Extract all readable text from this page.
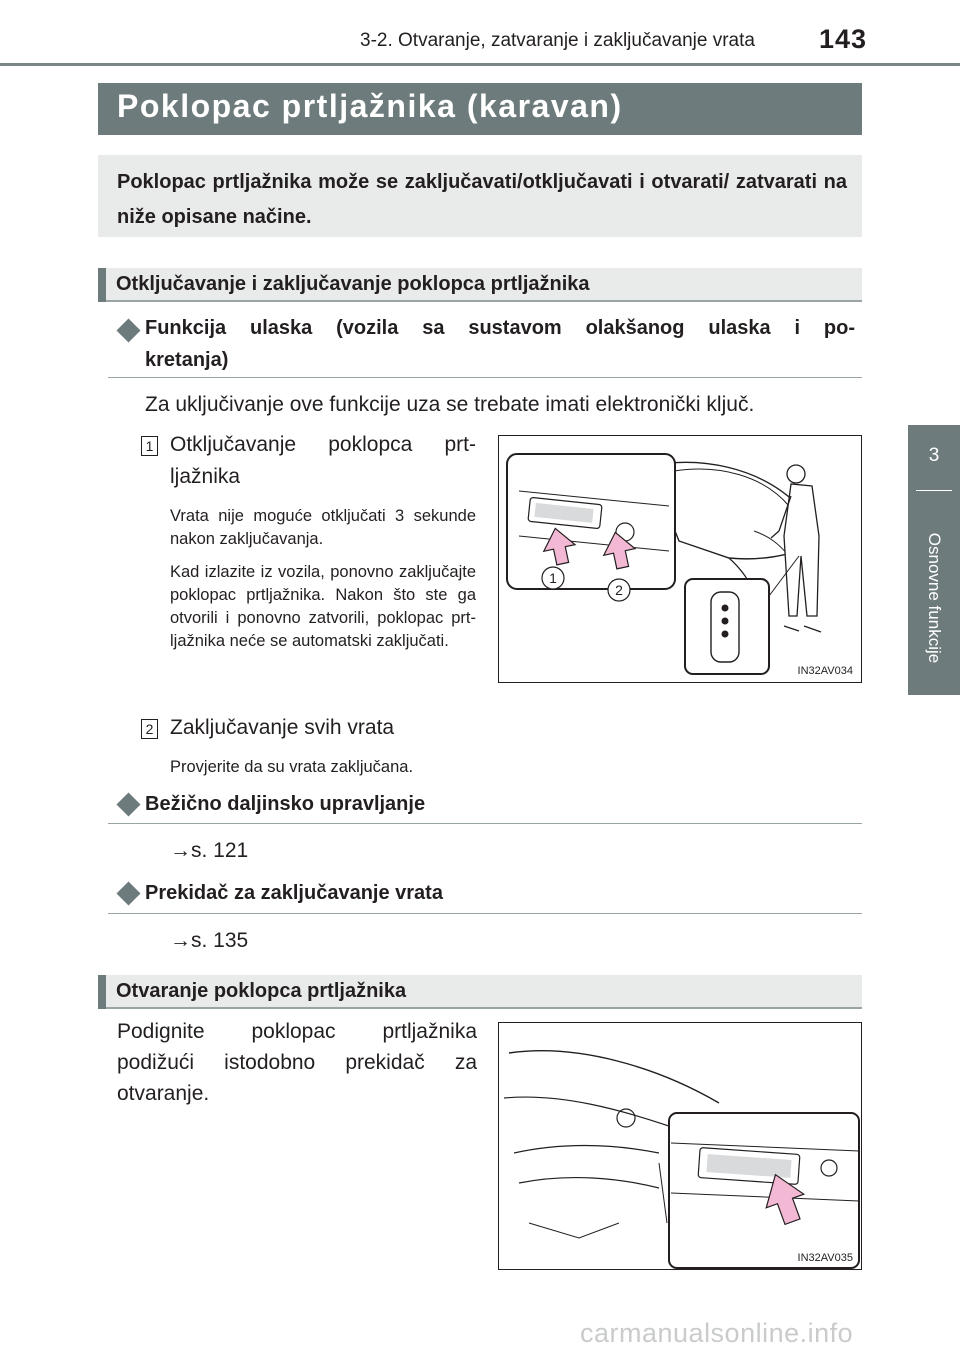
3-2. Otvaranje, zatvaranje i zaključavanje vrata 143
3
Osnovne funkcije
Poklopac prtljažnika (karavan)
Poklopac prtljažnika može se zaključavati/otključavati i otvarati/ zatvarati na niže opisane načine.
Otključavanje i zaključavanje poklopca prtljažnika
Funkcija ulaska (vozila sa sustavom olakšanog ulaska i po-
kretanja)
Za uključivanje ove funkcije uza se trebate imati elektronički ključ.
1 Otključavanje poklopca prt-
ljažnika
Vrata nije moguće otključati 3 sekunde nakon zaključavanja.
Kad izlazite iz vozila, ponovno zaključajte poklopac prtljažnika. Nakon što ste ga otvorili i ponovno zatvorili, poklopac prt- ljažnika neće se automatski zaključati.
2 Zaključavanje svih vrata
Provjerite da su vrata zaključana.
1
2
IN32AV034
Bežično daljinsko upravljanje
→s. 121
Prekidač za zaključavanje vrata
→s. 135
Otvaranje poklopca prtljažnika
Podignite poklopac prtljažnika
podižući istodobno prekidač za
otvaranje.
IN32AV035
carmanualsonline.info
